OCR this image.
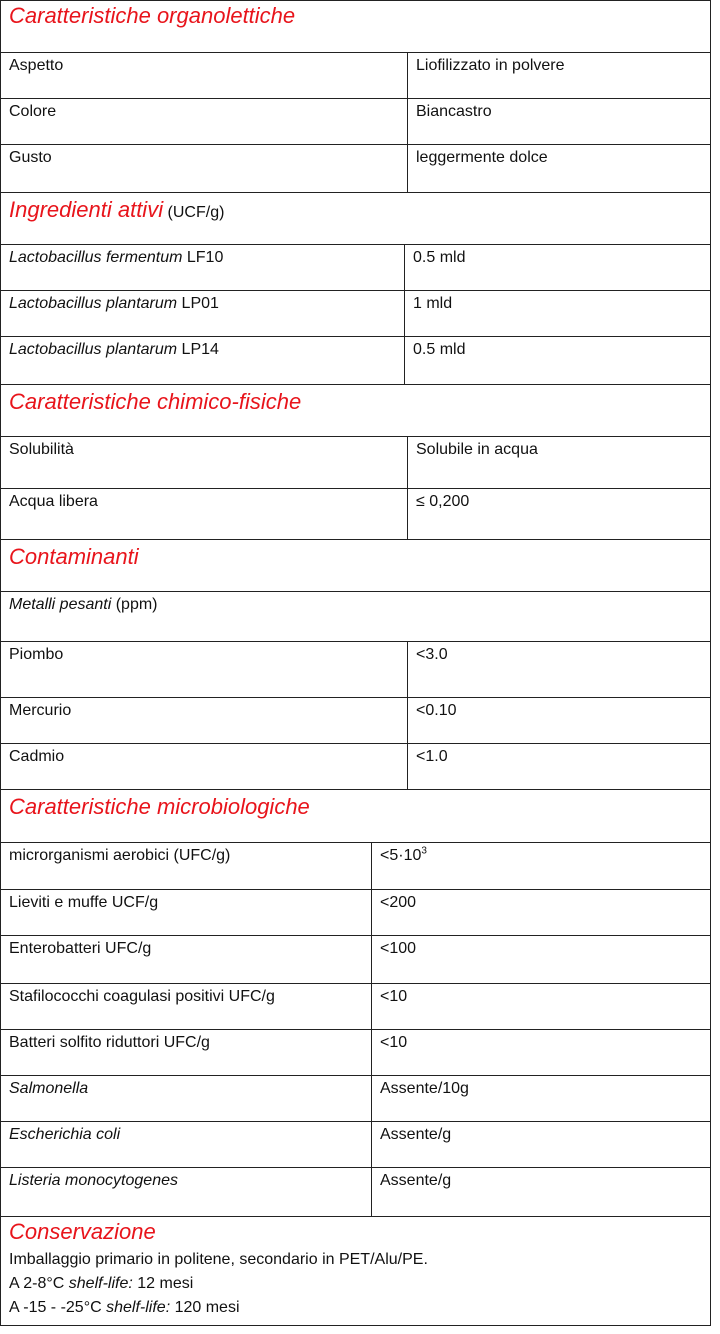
Caratteristiche organolettiche
Aspetto	Liofilizzato in polvere
Colore	Biancastro
Gusto	leggermente dolce
Ingredienti attivi (UCF/g)
Lactobacillus fermentum LF10	0.5 mld
Lactobacillus plantarum LP01	1 mld
Lactobacillus plantarum LP14	0.5 mld
Caratteristiche chimico-fisiche
Solubilità	Solubile in acqua
Acqua libera	≤ 0,200
Contaminanti
Metalli pesanti (ppm)
Piombo	<3.0
Mercurio	<0.10
Cadmio	<1.0
Caratteristiche microbiologiche
microrganismi aerobici (UFC/g)	$<5\cdot 10^3$
Lieviti e muffe UCF/g	<200
Enterobatteri UFC/g	<100
Stafilococchi coagulasi positivi UFC/g	<10
Batteri solfito riduttori UFC/g	<10
Salmonella	Assente/10g
Escherichia coli	Assente/g
Listeria monocytogenes	Assente/g
Conservazione
Imballaggio primario in politene, secondario in PET/Alu/PE.
A 2-8°C shelf-life: 12 mesi
A -15 - -25°C shelf-life: 120 mesi
